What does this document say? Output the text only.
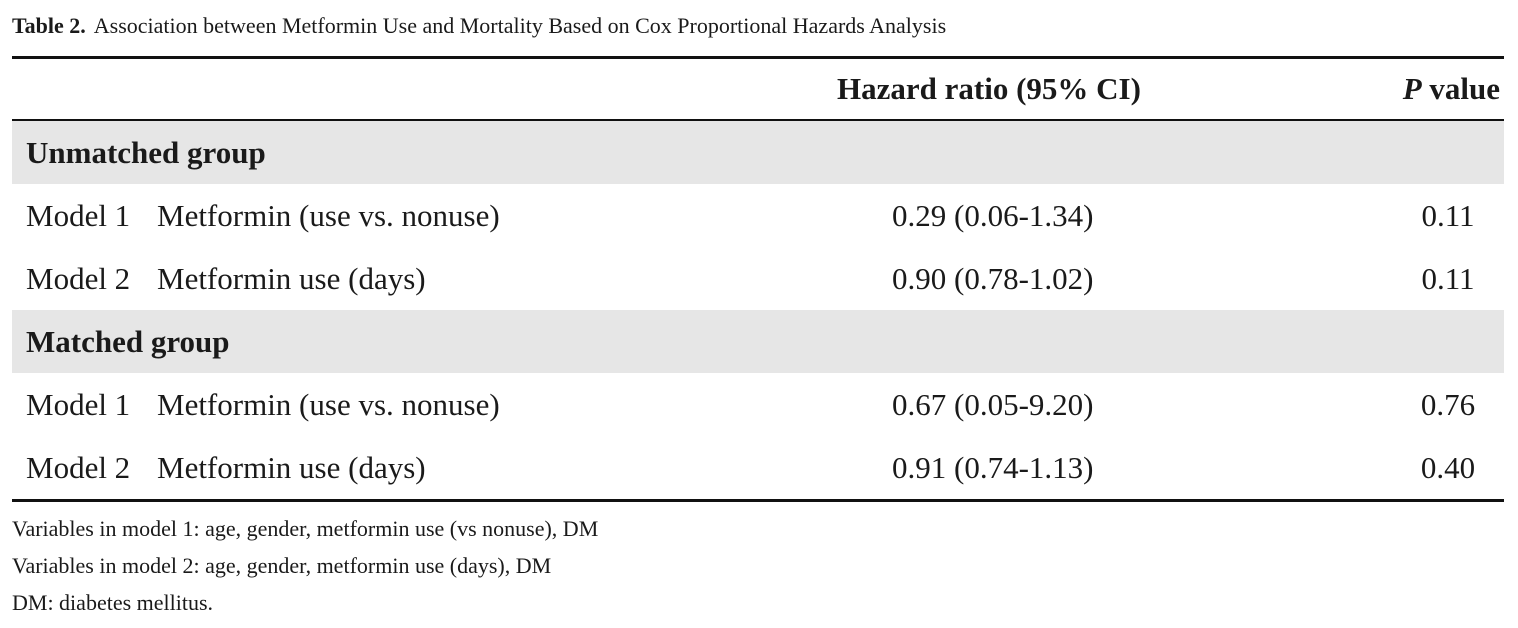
Table 2. Association between Metformin Use and Mortality Based on Cox Proportional Hazards Analysis
Hazard ratio (95% CI)	P value
Unmatched group
Model 1 Metformin (use vs. nonuse)	0.29 (0.06-1.34)	0.11
Model 2 Metformin use (days)	0.90 (0.78-1.02)	0.11
Matched group
Model 1 Metformin (use vs. nonuse)	0.67 (0.05-9.20)	0.76
Model 2 Metformin use (days)	0.91 (0.74-1.13)	0.40
Variables in model 1: age, gender, metformin use (vs nonuse), DM
Variables in model 2: age, gender, metformin use (days), DM
DM: diabetes mellitus.
